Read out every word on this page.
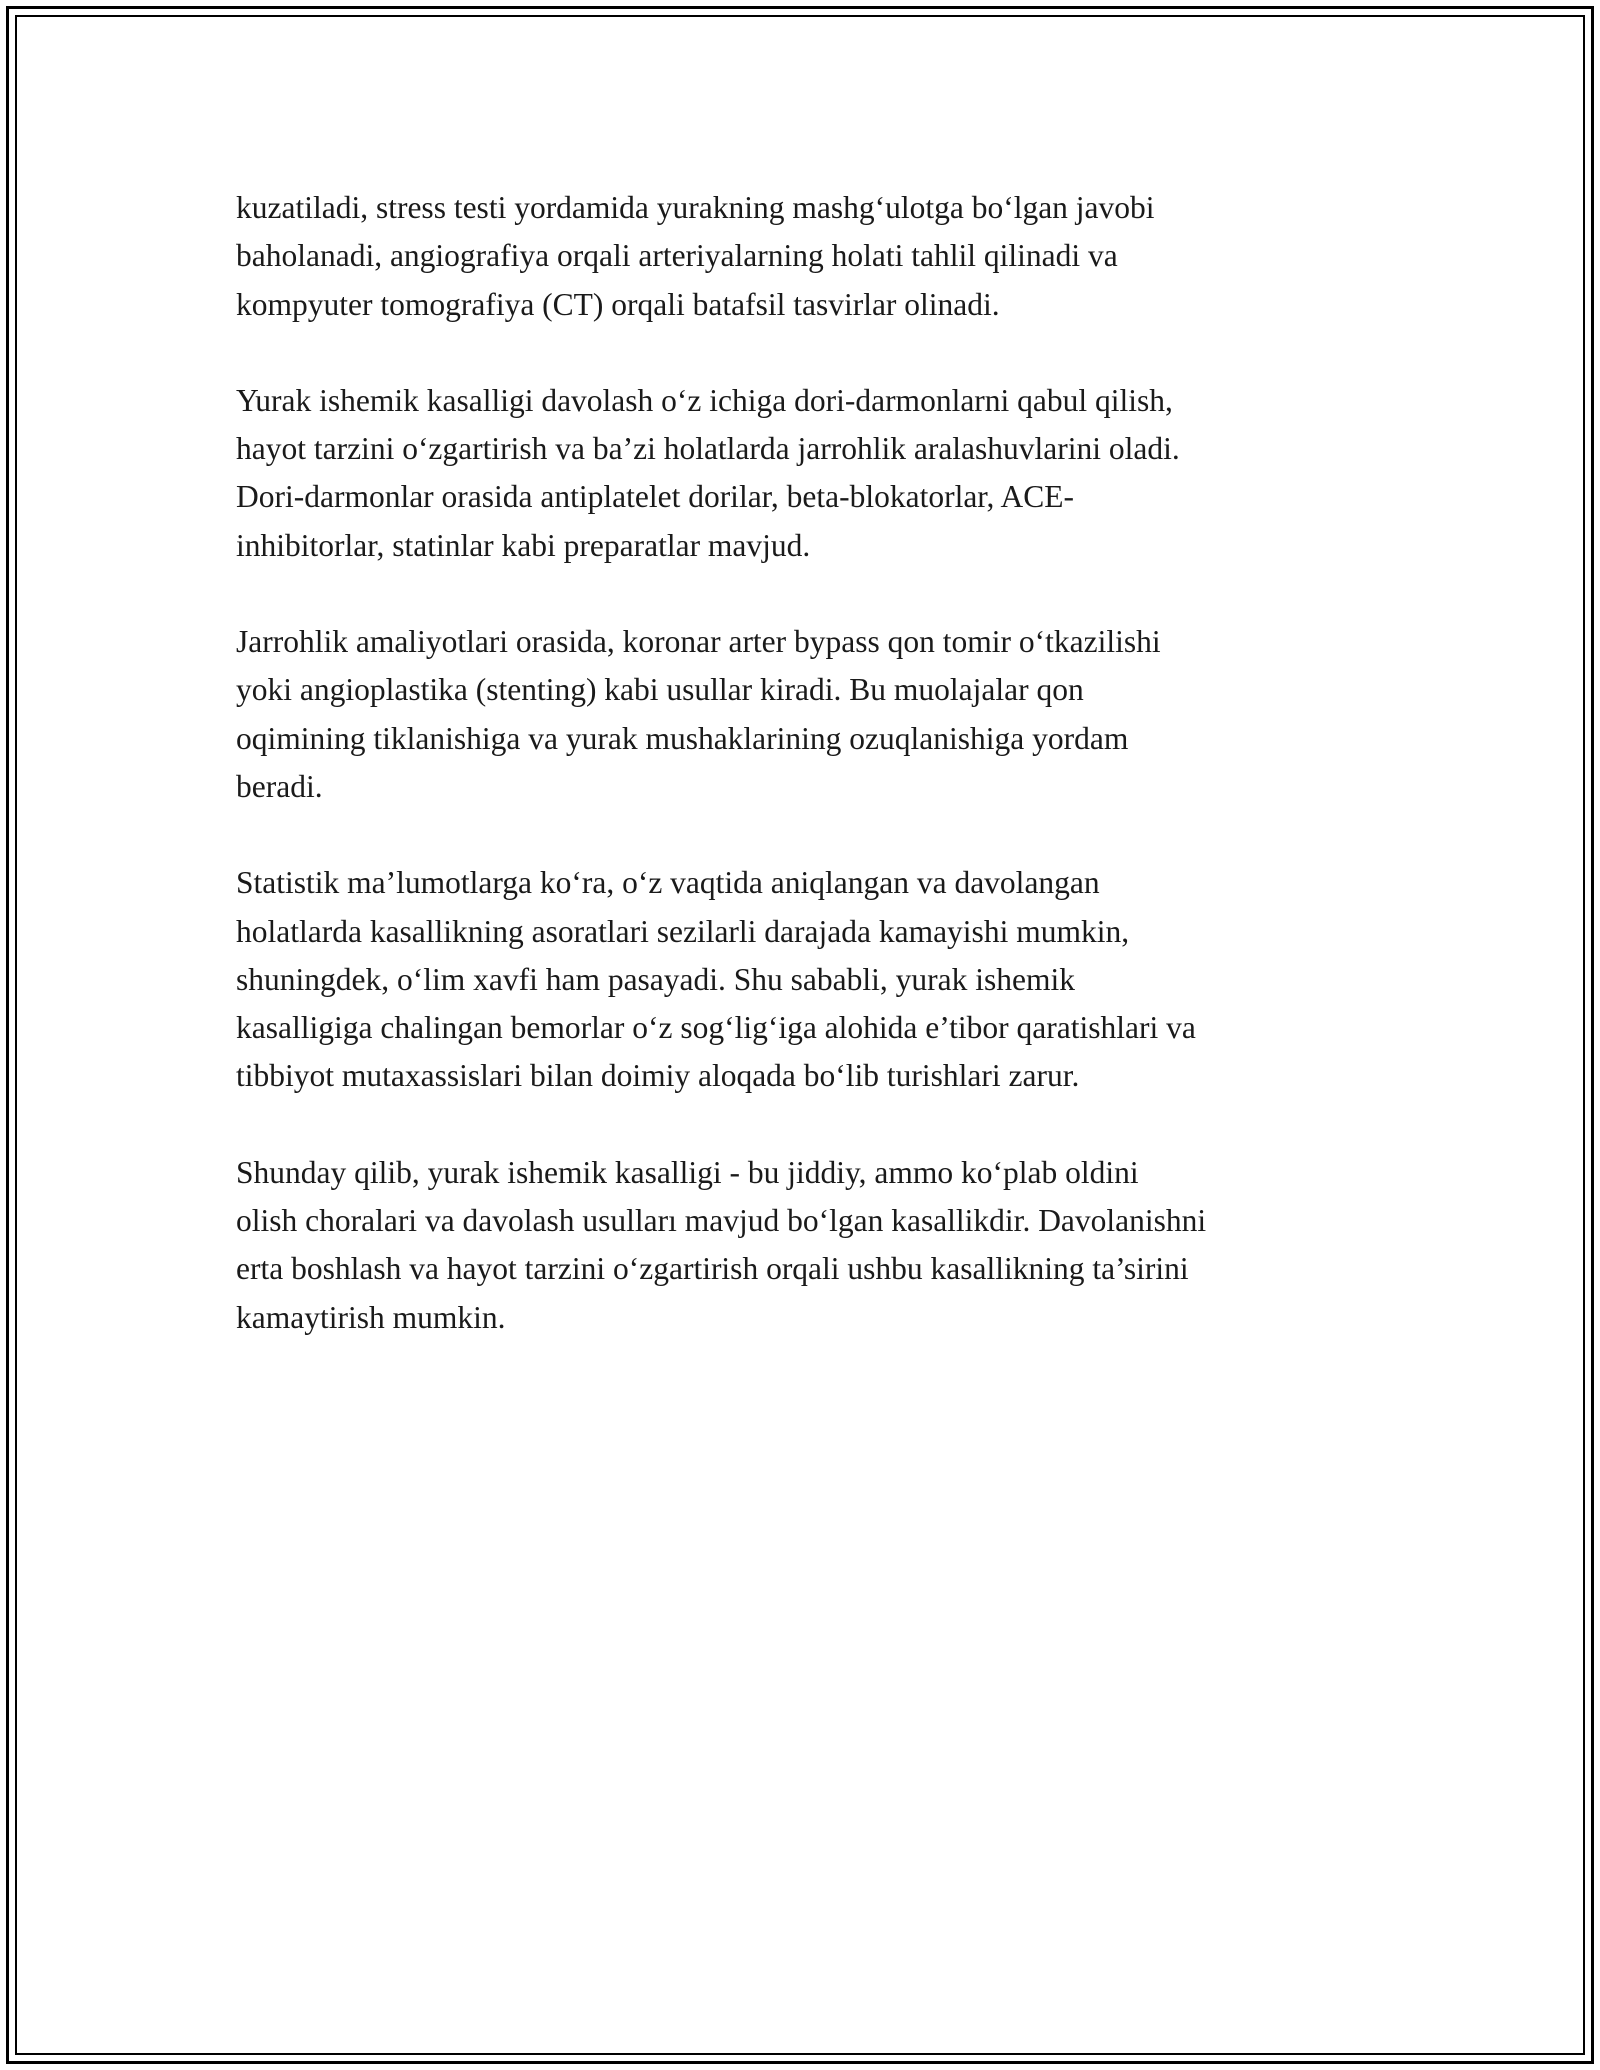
kuzatiladi, stress testi yordamida yurakning mashg‘ulotga bo‘lgan javobi
baholanadi, angiografiya orqali arteriyalarning holati tahlil qilinadi va
kompyuter tomografiya (CT) orqali batafsil tasvirlar olinadi.

Yurak ishemik kasalligi davolash o‘z ichiga dori-darmonlarni qabul qilish,
hayot tarzini o‘zgartirish va ba’zi holatlarda jarrohlik aralashuvlarini oladi.
Dori-darmonlar orasida antiplatelet dorilar, beta-blokatorlar, ACE-
inhibitorlar, statinlar kabi preparatlar mavjud.

Jarrohlik amaliyotlari orasida, koronar arter bypass qon tomir o‘tkazilishi
yoki angioplastika (stenting) kabi usullar kiradi. Bu muolajalar qon
oqimining tiklanishiga va yurak mushaklarining ozuqlanishiga yordam
beradi.

Statistik ma’lumotlarga ko‘ra, o‘z vaqtida aniqlangan va davolangan
holatlarda kasallikning asoratlari sezilarli darajada kamayishi mumkin,
shuningdek, o‘lim xavfi ham pasayadi. Shu sababli, yurak ishemik
kasalligiga chalingan bemorlar o‘z sog‘lig‘iga alohida e’tibor qaratishlari va
tibbiyot mutaxassislari bilan doimiy aloqada bo‘lib turishlari zarur.

Shunday qilib, yurak ishemik kasalligi - bu jiddiy, ammo ko‘plab oldini
olish choralari va davolash usulları mavjud bo‘lgan kasallikdir. Davolanishni
erta boshlash va hayot tarzini o‘zgartirish orqali ushbu kasallikning ta’sirini
kamaytirish mumkin.
